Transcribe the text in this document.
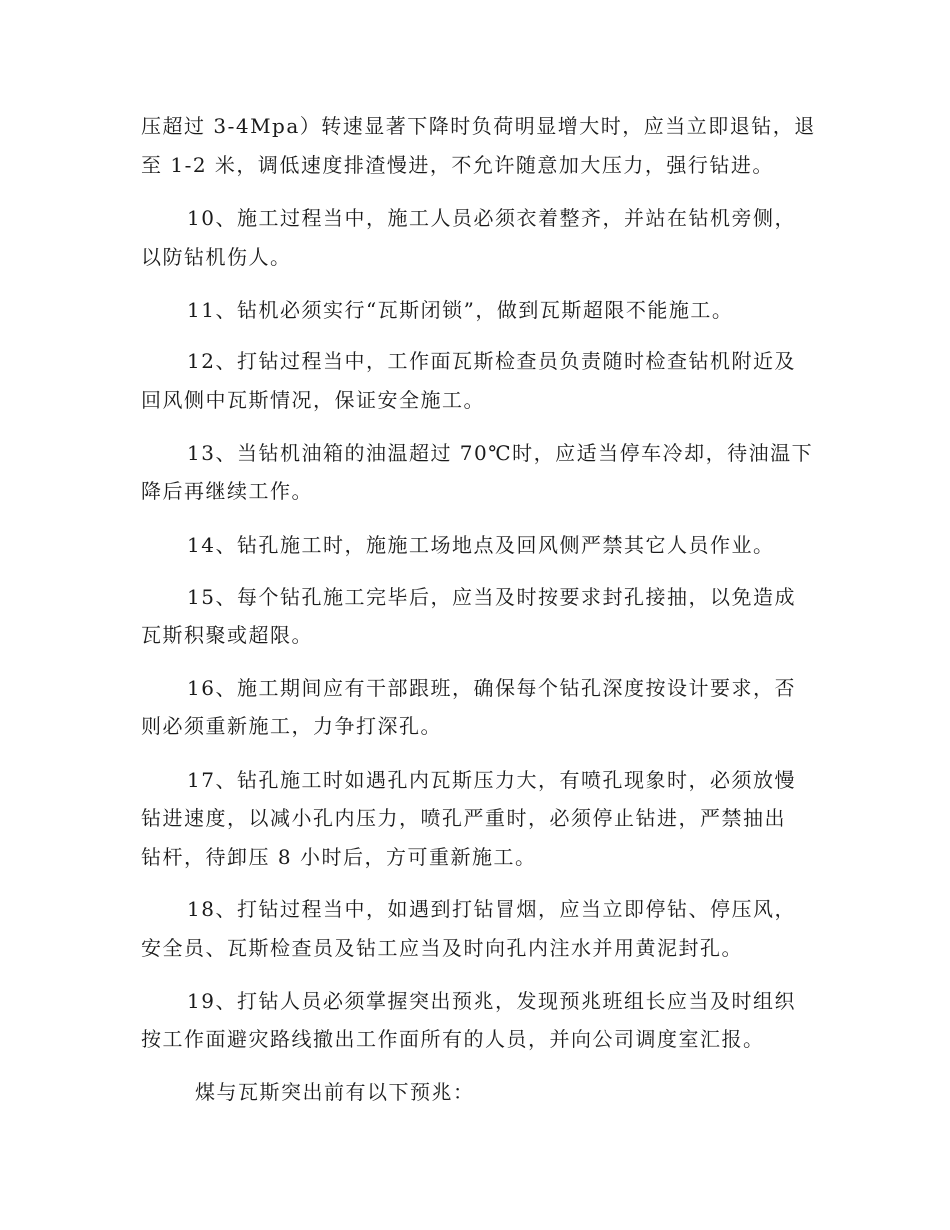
压超过 3-4Mpa）转速显著下降时负荷明显增大时，应当立即退钻，退
至 1-2 米，调低速度排渣慢进，不允许随意加大压力，强行钻进。
10、施工过程当中，施工人员必须衣着整齐，并站在钻机旁侧，
以防钻机伤人。
11、钻机必须实行“瓦斯闭锁”，做到瓦斯超限不能施工。
12、打钻过程当中，工作面瓦斯检查员负责随时检查钻机附近及
回风侧中瓦斯情况，保证安全施工。
13、当钻机油箱的油温超过 70℃时，应适当停车冷却，待油温下
降后再继续工作。
14、钻孔施工时，施施工场地点及回风侧严禁其它人员作业。
15、每个钻孔施工完毕后，应当及时按要求封孔接抽，以免造成
瓦斯积聚或超限。
16、施工期间应有干部跟班，确保每个钻孔深度按设计要求，否
则必须重新施工，力争打深孔。
17、钻孔施工时如遇孔内瓦斯压力大，有喷孔现象时，必须放慢
钻进速度，以减小孔内压力，喷孔严重时，必须停止钻进，严禁抽出
钻杆，待卸压 8 小时后，方可重新施工。
18、打钻过程当中，如遇到打钻冒烟，应当立即停钻、停压风，
安全员、瓦斯检查员及钻工应当及时向孔内注水并用黄泥封孔。
19、打钻人员必须掌握突出预兆，发现预兆班组长应当及时组织
按工作面避灾路线撤出工作面所有的人员，并向公司调度室汇报。
煤与瓦斯突出前有以下预兆：
